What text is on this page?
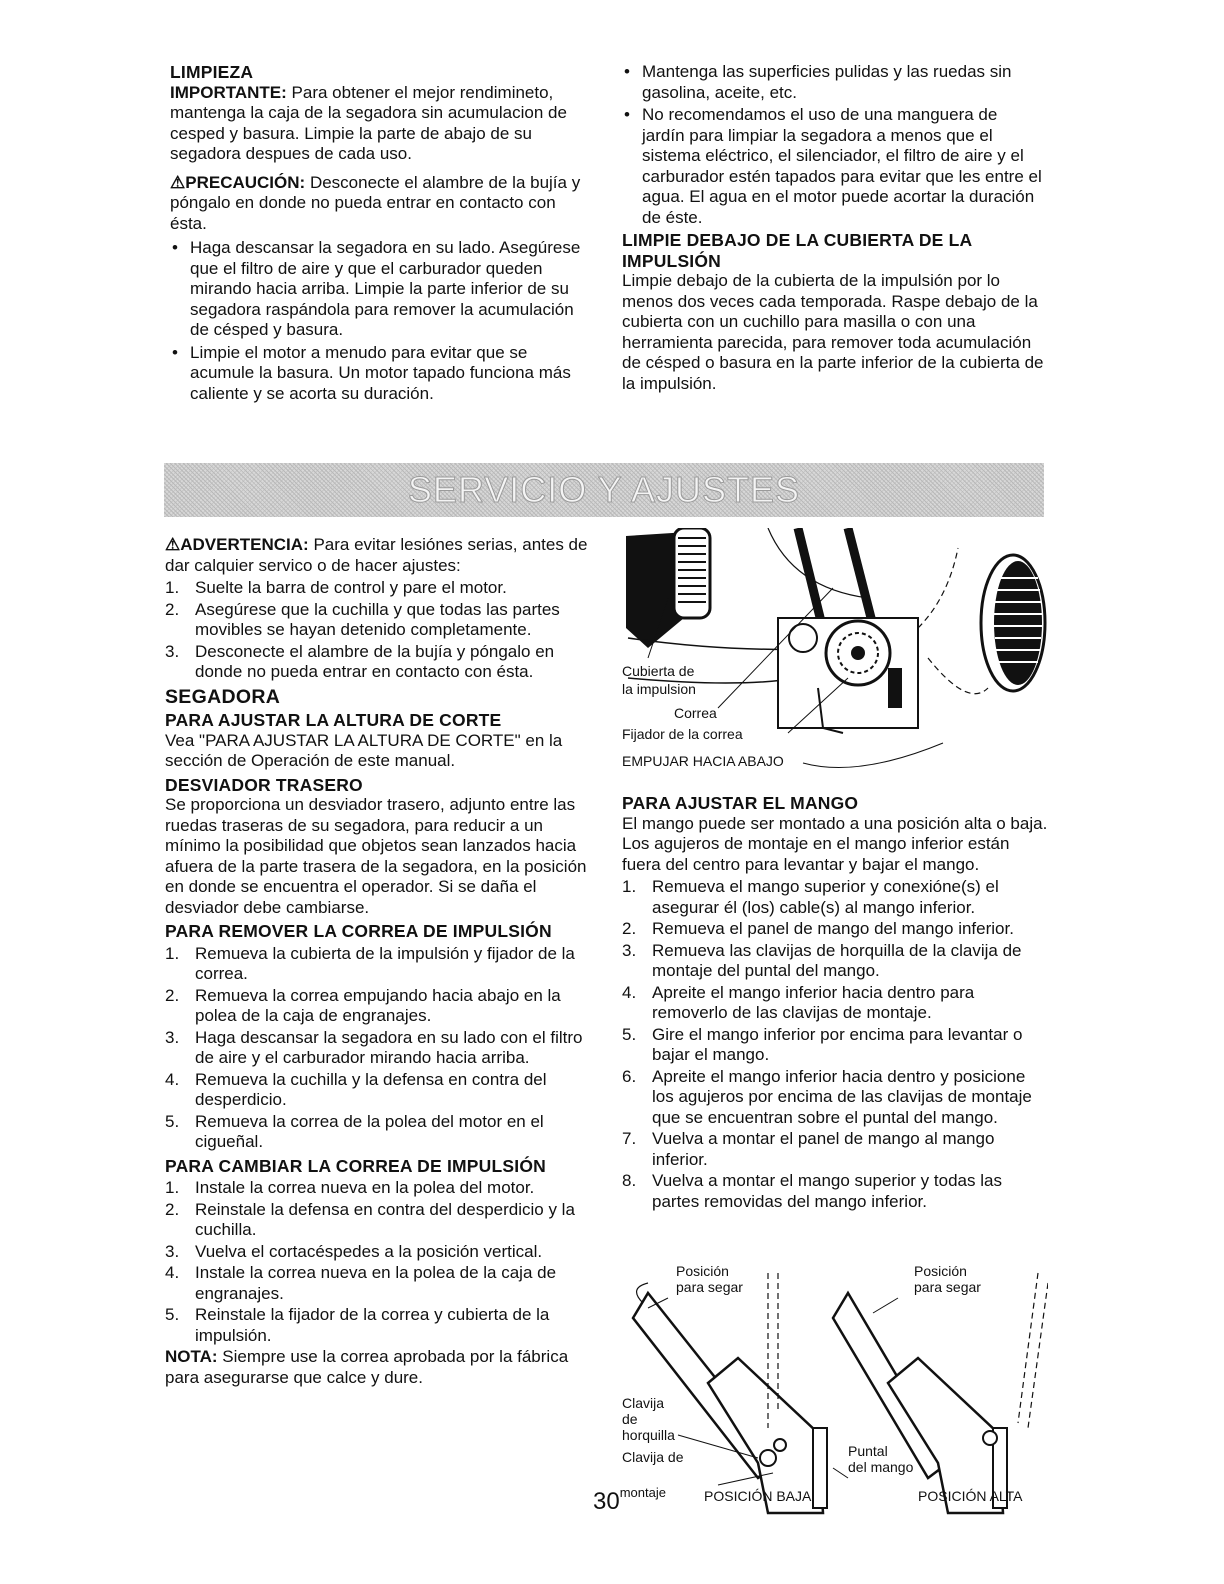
LIMPIEZA

IMPORTANTE: Para obtener el mejor rendimineto, mantenga la caja de la segadora sin acumulacion de cesped y basura. Limpie la parte de abajo de su segadora despues de cada uso.

⚠PRECAUCIÓN: Desconecte el alambre de la bujía y póngalo en donde no pueda entrar en contacto con ésta.

• Haga descansar la segadora en su lado. Asegúrese que el filtro de aire y que el carburador queden mirando hacia arriba. Limpie la parte inferior de su segadora raspándola para remover la acumulación de césped y basura.
• Limpie el motor a menudo para evitar que se acumule la basura. Un motor tapado funciona más caliente y se acorta su duración.
• Mantenga las superficies pulidas y las ruedas sin gasolina, aceite, etc.
• No recomendamos el uso de una manguera de jardín para limpiar la segadora a menos que el sistema eléctrico, el silenciador, el filtro de aire y el carburador estén tapados para evitar que les entre el agua. El agua en el motor puede acortar la duración de éste.
LIMPIE DEBAJO DE LA CUBIERTA DE LA IMPULSIÓN

Limpie debajo de la cubierta de la impulsión por lo menos dos veces cada temporada. Raspe debajo de la cubierta con un cuchillo para masilla o con una herramienta parecida, para remover toda acumulación de césped o basura en la parte inferior de la cubierta de la impulsión.

SERVICIO Y AJUSTES

⚠ADVERTENCIA: Para evitar lesiónes serias, antes de dar calquier servico o de hacer ajustes:

1. Suelte la barra de control y pare el motor.
2. Asegúrese que la cuchilla y que todas las partes movibles se hayan detenido completamente.
3. Desconecte el alambre de la bujía y póngalo en donde no pueda entrar en contacto con ésta.
SEGADORA
PARA AJUSTAR LA ALTURA DE CORTE

Vea "PARA AJUSTAR LA ALTURA DE CORTE" en la sección de Operación de este manual.

DESVIADOR TRASERO

Se proporciona un desviador trasero, adjunto entre las ruedas traseras de su segadora, para reducir a un mínimo la posibilidad que objetos sean lanzados hacia afuera de la parte trasera de la segadora, en la posición en donde se encuentra el operador. Si se daña el desviador debe cambiarse.

PARA REMOVER LA CORREA DE IMPULSIÓN
1. Remueva la cubierta de la impulsión y fijador de la correa.
2. Remueva la correa empujando hacia abajo en la polea de la caja de engranajes.
3. Haga descansar la segadora en su lado con el filtro de aire y el carburador mirando hacia arriba.
4. Remueva la cuchilla y la defensa en contra del desperdicio.
5. Remueva la correa de la polea del motor en el cigueñal.
PARA CAMBIAR LA CORREA DE IMPULSIÓN
1. Instale la correa nueva en la polea del motor.
2. Reinstale la defensa en contra del desperdicio y la cuchilla.
3. Vuelva el cortacéspedes a la posición vertical.
4. Instale la correa nueva en la polea de la caja de engranajes.
5. Reinstale la fijador de la correa y cubierta de la impulsión.

NOTA: Siempre use la correa aprobada por la fábrica para asegurarse que calce y dure.

Cubierta de
la impulsion
Correa
Fijador de la correa
EMPUJAR HACIA ABAJO
PARA AJUSTAR EL MANGO

El mango puede ser montado a una posición alta o baja. Los agujeros de montaje en el mango inferior están fuera del centro para levantar y bajar el mango.

1. Remueva el mango superior y conexióne(s) el asegurar él (los) cable(s) al mango inferior.
2. Remueva el panel de mango del mango inferior.
3. Remueva las clavijas de horquilla de la clavija de montaje del puntal del mango.
4. Apreite el mango inferior hacia dentro para removerlo de las clavijas de montaje.
5. Gire el mango inferior por encima para levantar o bajar el mango.
6. Apreite el mango inferior hacia dentro y posicione los agujeros por encima de las clavijas de montaje que se encuentran sobre el puntal del mango.
7. Vuelva a montar el panel de mango al mango inferior.
8. Vuelva a montar el mango superior y todas las partes removidas del mango inferior.
Posición
para segar
Posición
para segar
Clavija
de
horquilla
Clavija de	Puntal
del mango
POSICIÓN BAJA	POSICIÓN ALTA
$30^{montaje}$
